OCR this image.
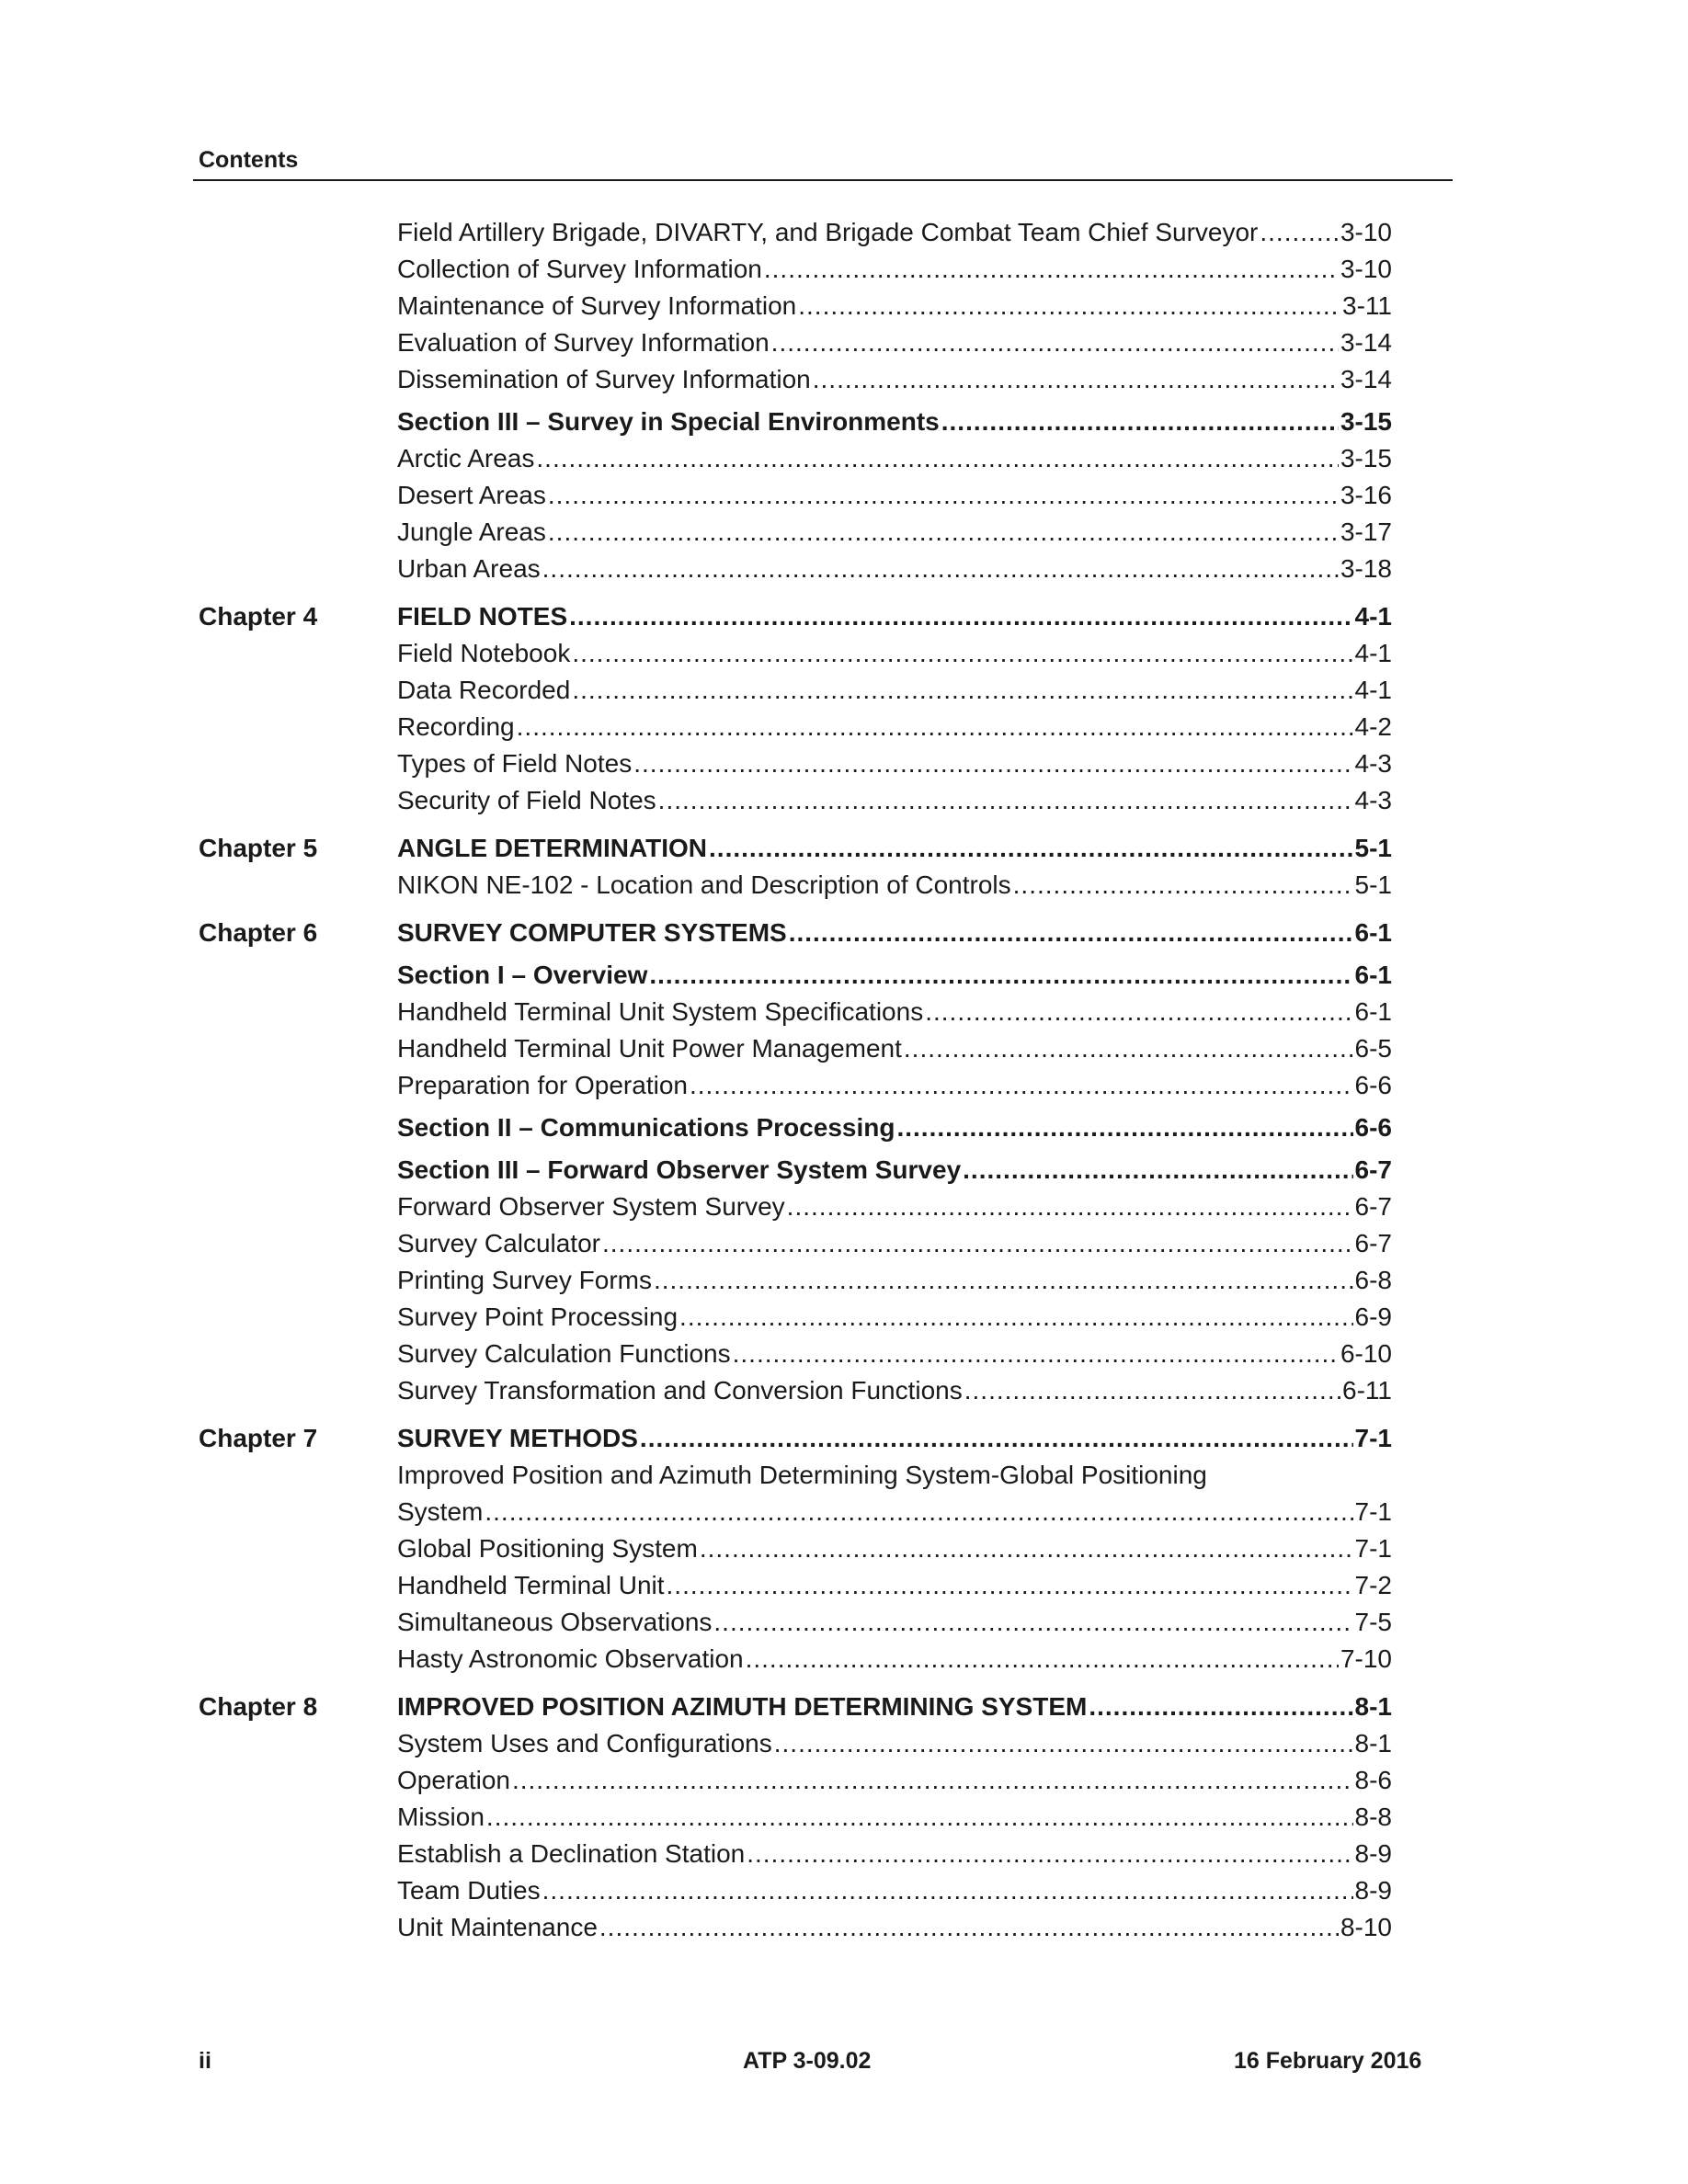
Contents
Field Artillery Brigade, DIVARTY, and Brigade Combat Team Chief Surveyor .....	3-10
Collection of Survey Information .....	3-10
Maintenance of Survey Information .....	3-11
Evaluation of Survey Information .....	3-14
Dissemination of Survey Information .....	3-14
Section III – Survey in Special Environments .....	3-15
Arctic Areas .....	3-15
Desert Areas .....	3-16
Jungle Areas .....	3-17
Urban Areas .....	3-18
Chapter 4	FIELD NOTES .....	4-1
Field Notebook .....	4-1
Data Recorded .....	4-1
Recording .....	4-2
Types of Field Notes .....	4-3
Security of Field Notes .....	4-3
Chapter 5	ANGLE DETERMINATION .....	5-1
NIKON NE-102 - Location and Description of Controls .....	5-1
Chapter 6	SURVEY COMPUTER SYSTEMS .....	6-1
Section I – Overview .....	6-1
Handheld Terminal Unit System Specifications .....	6-1
Handheld Terminal Unit Power Management .....	6-5
Preparation for Operation .....	6-6
Section II – Communications Processing .....	6-6
Section III – Forward Observer System Survey .....	6-7
Forward Observer System Survey .....	6-7
Survey Calculator .....	6-7
Printing Survey Forms .....	6-8
Survey Point Processing .....	6-9
Survey Calculation Functions .....	6-10
Survey Transformation and Conversion Functions .....	6-11
Chapter 7	SURVEY METHODS .....	7-1
Improved Position and Azimuth Determining System-Global Positioning
System .....	7-1
Global Positioning System .....	7-1
Handheld Terminal Unit .....	7-2
Simultaneous Observations .....	7-5
Hasty Astronomic Observation .....	7-10
Chapter 8	IMPROVED POSITION AZIMUTH DETERMINING SYSTEM .....	8-1
System Uses and Configurations .....	8-1
Operation .....	8-6
Mission .....	8-8
Establish a Declination Station .....	8-9
Team Duties .....	8-9
Unit Maintenance .....	8-10
ii	ATP 3-09.02	16 February 2016
